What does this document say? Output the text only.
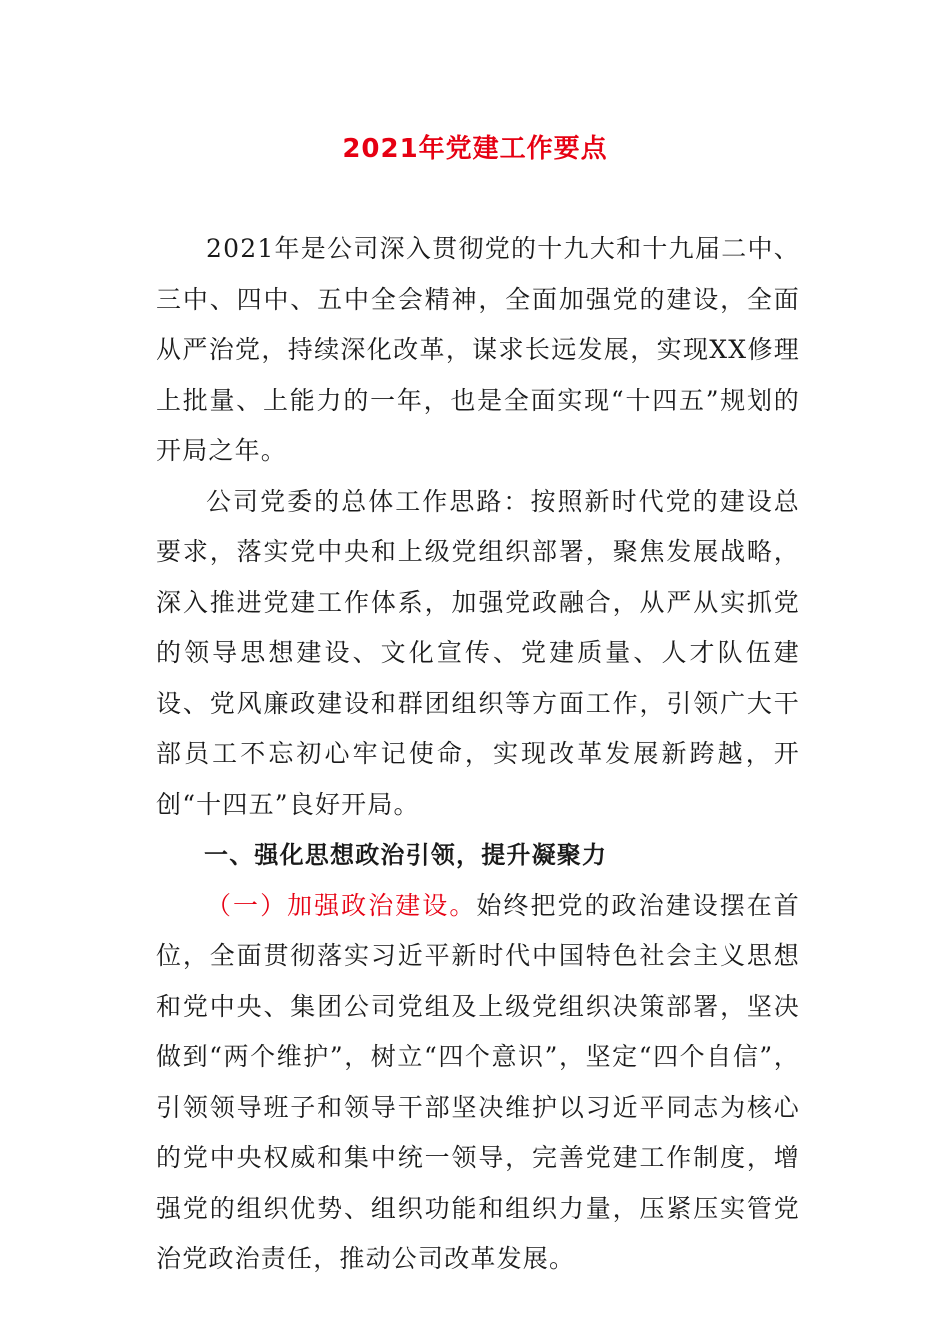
2021年党建工作要点

2021年是公司深入贯彻党的十九大和十九届二中、三中、四中、五中全会精神，全面加强党的建设，全面从严治党，持续深化改革，谋求长远发展，实现XX修理上批量、上能力的一年，也是全面实现“十四五”规划的开局之年。

公司党委的总体工作思路：按照新时代党的建设总要求，落实党中央和上级党组织部署，聚焦发展战略，深入推进党建工作体系，加强党政融合，从严从实抓党的领导思想建设、文化宣传、党建质量、人才队伍建设、党风廉政建设和群团组织等方面工作，引领广大干部员工不忘初心牢记使命，实现改革发展新跨越，开创“十四五”良好开局。

一、强化思想政治引领，提升凝聚力

（一）加强政治建设。始终把党的政治建设摆在首位，全面贯彻落实习近平新时代中国特色社会主义思想和党中央、集团公司党组及上级党组织决策部署，坚决做到“两个维护”，树立“四个意识”，坚定“四个自信”，引领领导班子和领导干部坚决维护以习近平同志为核心的党中央权威和集中统一领导，完善党建工作制度，增强党的组织优势、组织功能和组织力量，压紧压实管党治党政治责任，推动公司改革发展。
